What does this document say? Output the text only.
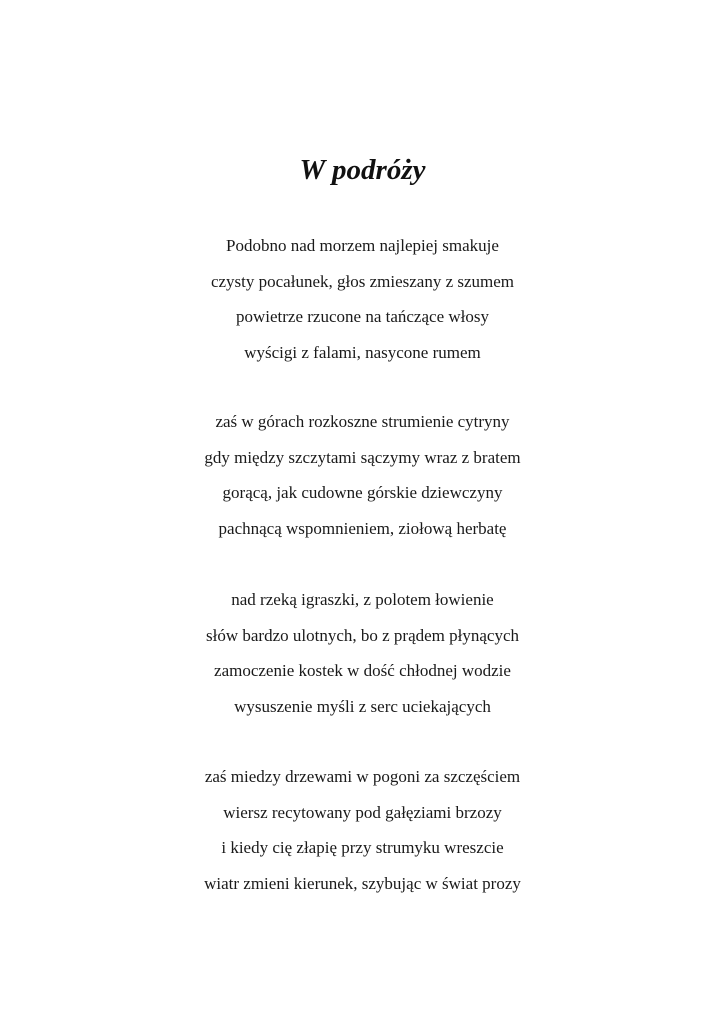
W podróży
Podobno nad morzem najlepiej smakuje
czysty pocałunek, głos zmieszany z szumem
powietrze rzucone na tańczące włosy
wyścigi z falami, nasycone rumem
zaś w górach rozkoszne strumienie cytryny
gdy między szczytami sączymy wraz z bratem
gorącą, jak cudowne górskie dziewczyny
pachnącą wspomnieniem, ziołową herbatę
nad rzeką igraszki, z polotem łowienie
słów bardzo ulotnych, bo z prądem płynących
zamoczenie kostek w dość chłodnej wodzie
wysuszenie myśli z serc uciekających
zaś miedzy drzewami w pogoni za szczęściem
wiersz recytowany pod gałęziami brzozy
i kiedy cię złapię przy strumyku wreszcie
wiatr zmieni kierunek, szybując w świat prozy
